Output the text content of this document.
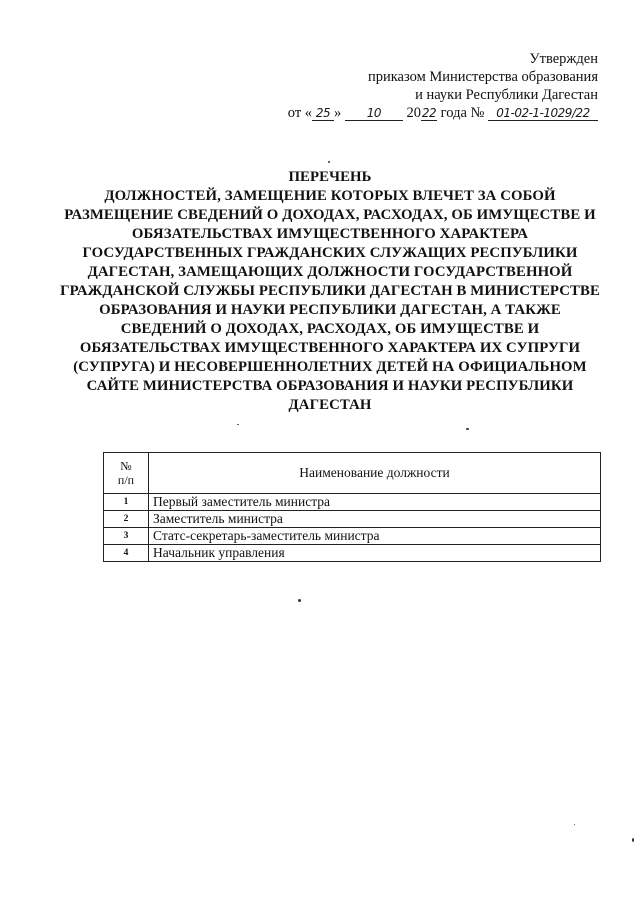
Утвержден
приказом Министерства образования
и науки Республики Дагестан
от « 25 » 10 2022 года № 01-02-1-1029/22
ПЕРЕЧЕНЬ
ДОЛЖНОСТЕЙ, ЗАМЕЩЕНИЕ КОТОРЫХ ВЛЕЧЕТ ЗА СОБОЙ РАЗМЕЩЕНИЕ СВЕДЕНИЙ О ДОХОДАХ, РАСХОДАХ, ОБ ИМУЩЕСТВЕ И ОБЯЗАТЕЛЬСТВАХ ИМУЩЕСТВЕННОГО ХАРАКТЕРА ГОСУДАРСТВЕННЫХ ГРАЖДАНСКИХ СЛУЖАЩИХ РЕСПУБЛИКИ ДАГЕСТАН, ЗАМЕЩАЮЩИХ ДОЛЖНОСТИ ГОСУДАРСТВЕННОЙ ГРАЖДАНСКОЙ СЛУЖБЫ РЕСПУБЛИКИ ДАГЕСТАН В МИНИСТЕРСТВЕ ОБРАЗОВАНИЯ И НАУКИ РЕСПУБЛИКИ ДАГЕСТАН, А ТАКЖЕ СВЕДЕНИЙ О ДОХОДАХ, РАСХОДАХ, ОБ ИМУЩЕСТВЕ И ОБЯЗАТЕЛЬСТВАХ ИМУЩЕСТВЕННОГО ХАРАКТЕРА ИХ СУПРУГИ (СУПРУГА) И НЕСОВЕРШЕННОЛЕТНИХ ДЕТЕЙ НА ОФИЦИАЛЬНОМ САЙТЕ МИНИСТЕРСТВА ОБРАЗОВАНИЯ И НАУКИ РЕСПУБЛИКИ ДАГЕСТАН
№
п/п	Наименование должности
1	Первый заместитель министра
2	Заместитель министра
3	Статс-секретарь-заместитель министра
4	Начальник управления
